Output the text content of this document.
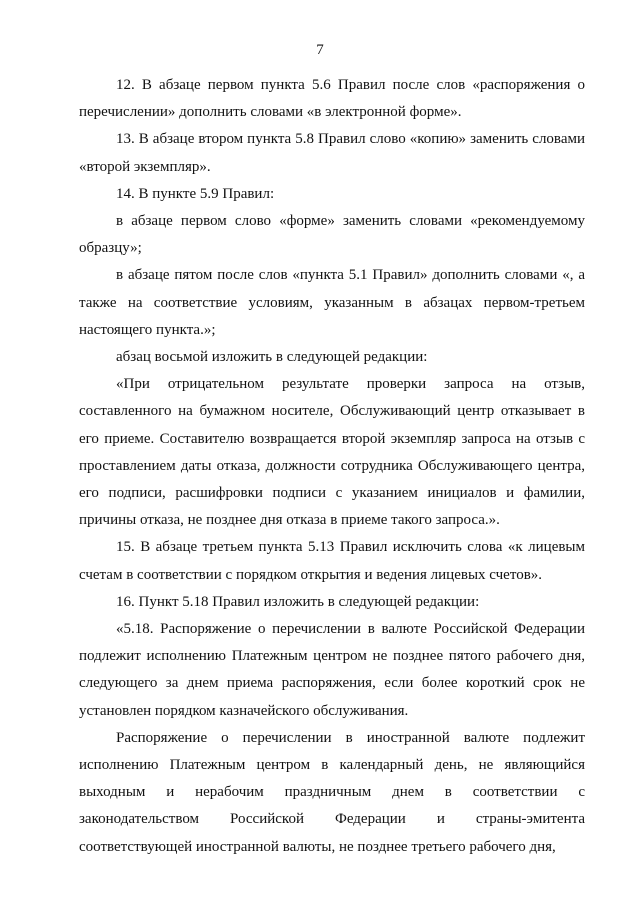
7

12. В абзаце первом пункта 5.6 Правил после слов «распоряжения о перечислении» дополнить словами «в электронной форме».

13. В абзаце втором пункта 5.8 Правил слово «копию» заменить словами «второй экземпляр».

14. В пункте 5.9 Правил:

в абзаце первом слово «форме» заменить словами «рекомендуемому образцу»;

в абзаце пятом после слов «пункта 5.1 Правил» дополнить словами «, а также на соответствие условиям, указанным в абзацах первом-третьем настоящего пункта.»;

абзац восьмой изложить в следующей редакции:

«При отрицательном результате проверки запроса на отзыв, составленного на бумажном носителе, Обслуживающий центр отказывает в его приеме. Составителю возвращается второй экземпляр запроса на отзыв с проставлением даты отказа, должности сотрудника Обслуживающего центра, его подписи, расшифровки подписи с указанием инициалов и фамилии, причины отказа, не позднее дня отказа в приеме такого запроса.».

15. В абзаце третьем пункта 5.13 Правил исключить слова «к лицевым счетам в соответствии с порядком открытия и ведения лицевых счетов».

16. Пункт 5.18 Правил изложить в следующей редакции:

«5.18. Распоряжение о перечислении в валюте Российской Федерации подлежит исполнению Платежным центром не позднее пятого рабочего дня, следующего за днем приема распоряжения, если более короткий срок не установлен порядком казначейского обслуживания.

Распоряжение о перечислении в иностранной валюте подлежит исполнению Платежным центром в календарный день, не являющийся выходным и нерабочим праздничным днем в соответствии с законодательством Российской Федерации и страны-эмитента соответствующей иностранной валюты, не позднее третьего рабочего дня,
